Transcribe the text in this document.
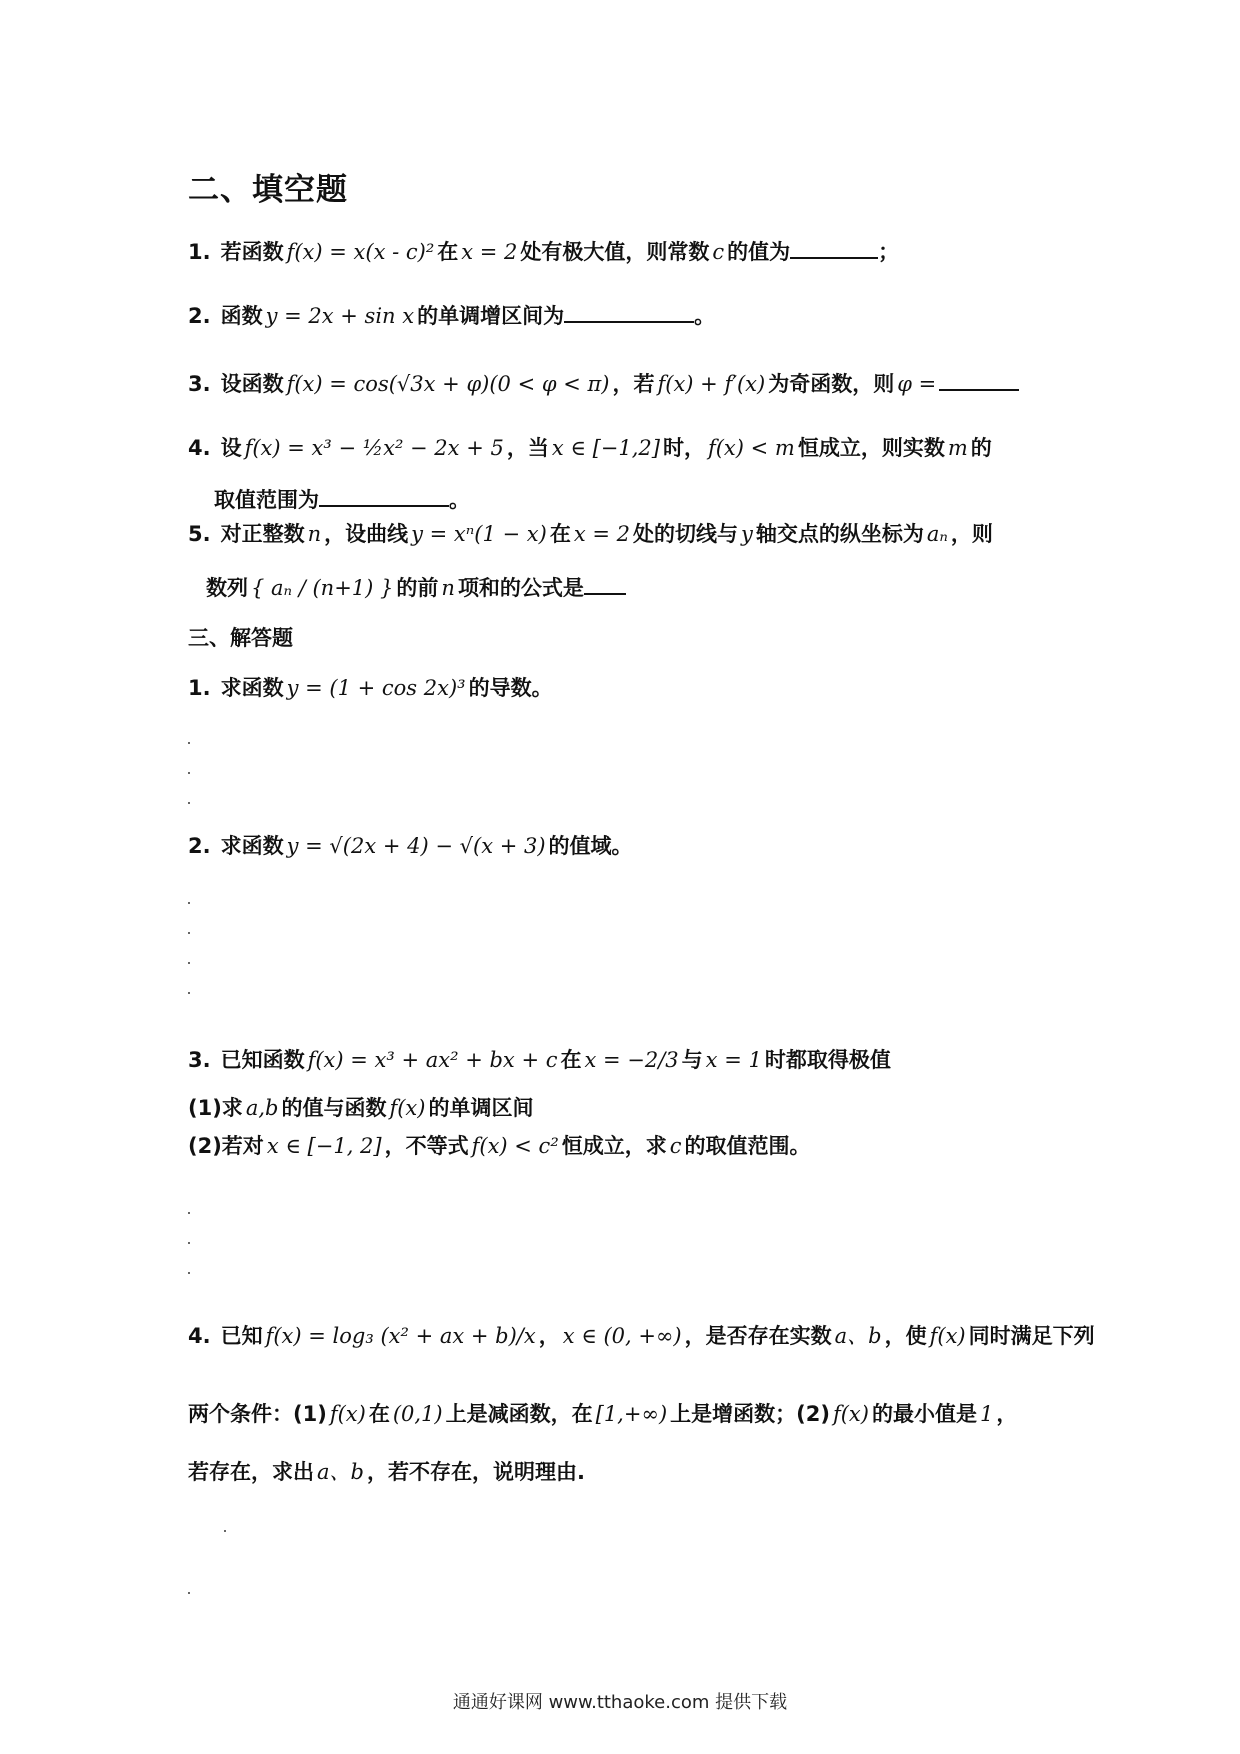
二、填空题
1. 若函数 f(x) = x(x - c)² 在 x = 2 处有极大值，则常数 c 的值为	；
2. 函数 y = 2x + sin x 的单调增区间为	。
3. 设函数 f(x) = cos(√3x + φ)(0 < φ < π) ，若 f(x) + f′(x) 为奇函数，则 φ =
4. 设 f(x) = x³ − ½x² − 2x + 5 ，当 x ∈ [−1,2] 时， f(x) < m 恒成立，则实数 m 的
取值范围为	。
5. 对正整数 n ，设曲线 y = xⁿ(1 − x) 在 x = 2 处的切线与 y 轴交点的纵坐标为 aₙ ，则
数列 { aₙ / (n+1) } 的前 n 项和的公式是
三、解答题
1. 求函数 y = (1 + cos 2x)³ 的导数。
2. 求函数 y = √(2x + 4) − √(x + 3) 的值域。
3. 已知函数 f(x) = x³ + ax² + bx + c 在 x = −2/3 与 x = 1 时都取得极值
(1)求 a,b 的值与函数 f(x) 的单调区间
(2)若对 x ∈ [−1, 2] ，不等式 f(x) < c² 恒成立，求 c 的取值范围。
4. 已知 f(x) = log₃ (x² + ax + b)/x ， x ∈ (0, +∞) ，是否存在实数 a、b ，使 f(x) 同时满足下列
两个条件：(1) f(x) 在 (0,1) 上是减函数，在 [1,+∞) 上是增函数；(2) f(x) 的最小值是 1 ，
若存在，求出 a、b ，若不存在，说明理由.
通通好课网 www.tthaoke.com 提供下载
